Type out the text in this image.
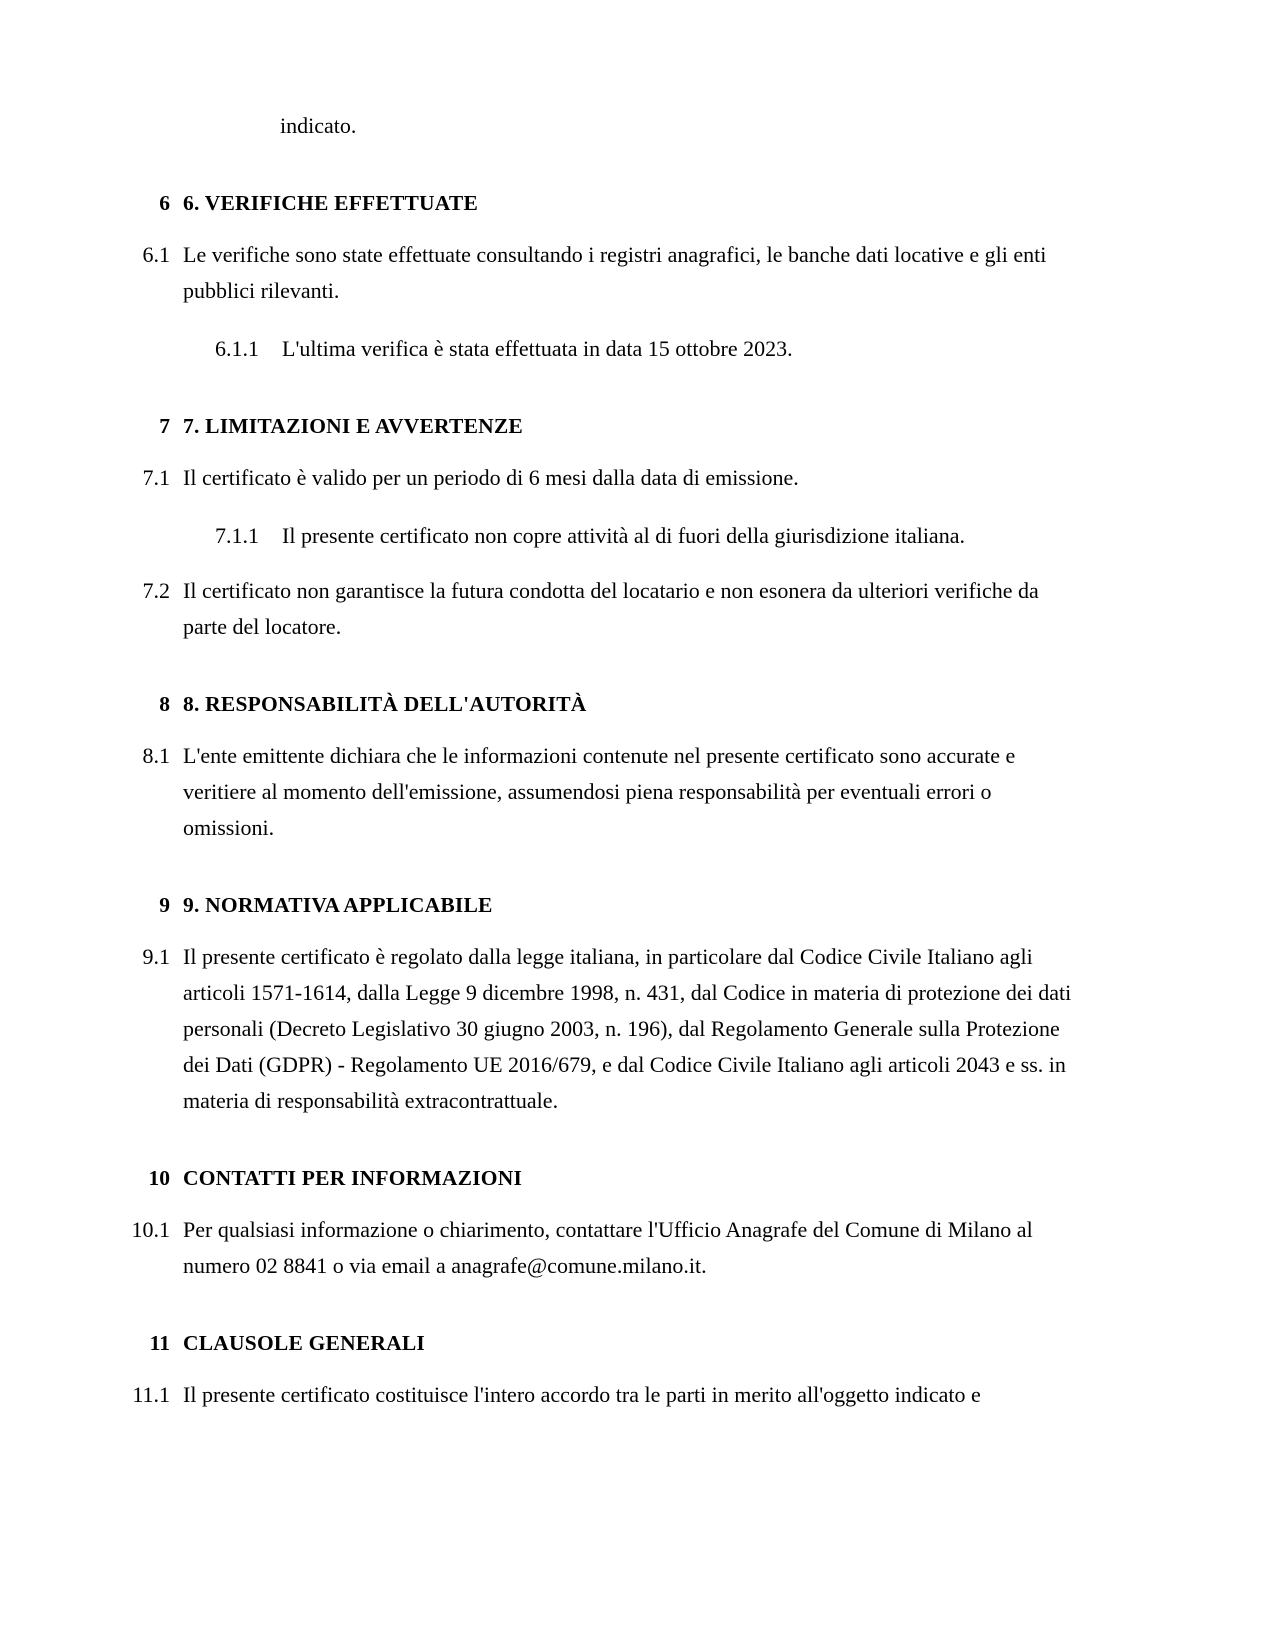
indicato.
6 6. VERIFICHE EFFETTUATE
6.1 Le verifiche sono state effettuate consultando i registri anagrafici, le banche dati locative e gli enti pubblici rilevanti.
6.1.1	L'ultima verifica è stata effettuata in data 15 ottobre 2023.
7 7. LIMITAZIONI E AVVERTENZE
7.1 Il certificato è valido per un periodo di 6 mesi dalla data di emissione.
7.1.1	Il presente certificato non copre attività al di fuori della giurisdizione italiana.
7.2 Il certificato non garantisce la futura condotta del locatario e non esonera da ulteriori verifiche da parte del locatore.
8 8. RESPONSABILITÀ DELL'AUTORITÀ
8.1 L'ente emittente dichiara che le informazioni contenute nel presente certificato sono accurate e veritiere al momento dell'emissione, assumendosi piena responsabilità per eventuali errori o omissioni.
9 9. NORMATIVA APPLICABILE
9.1 Il presente certificato è regolato dalla legge italiana, in particolare dal Codice Civile Italiano agli articoli 1571-1614, dalla Legge 9 dicembre 1998, n. 431, dal Codice in materia di protezione dei dati personali (Decreto Legislativo 30 giugno 2003, n. 196), dal Regolamento Generale sulla Protezione dei Dati (GDPR) - Regolamento UE 2016/679, e dal Codice Civile Italiano agli articoli 2043 e ss. in materia di responsabilità extracontrattuale.
10 CONTATTI PER INFORMAZIONI
10.1 Per qualsiasi informazione o chiarimento, contattare l'Ufficio Anagrafe del Comune di Milano al numero 02 8841 o via email a anagrafe@comune.milano.it.
11 CLAUSOLE GENERALI
11.1 Il presente certificato costituisce l'intero accordo tra le parti in merito all'oggetto indicato e
